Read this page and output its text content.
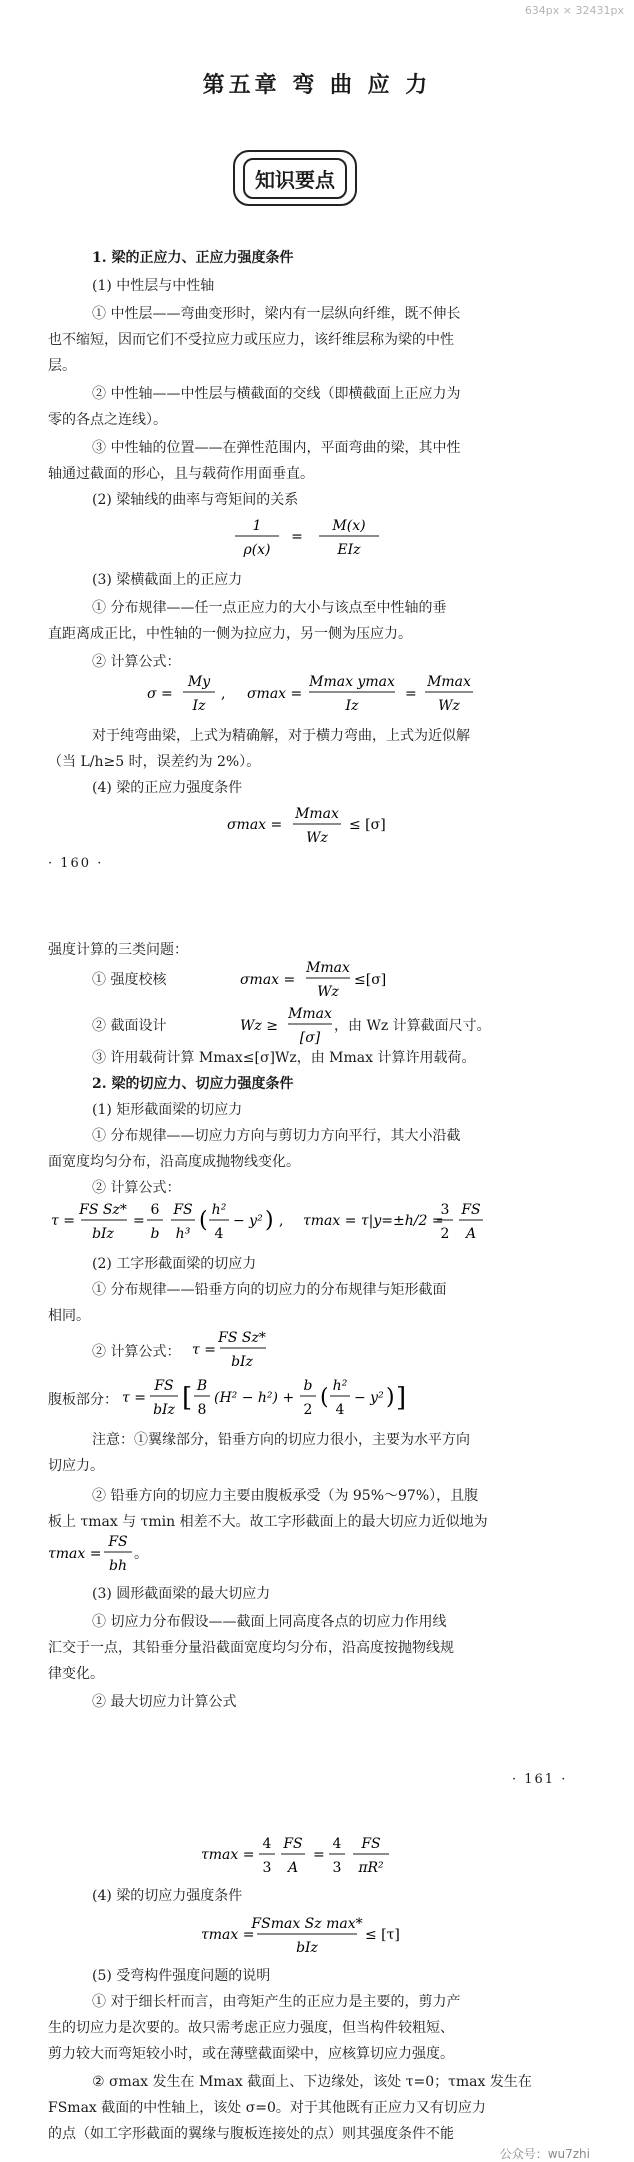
634px × 32431px
第五章 弯 曲 应 力
知识要点
1. 梁的正应力、正应力强度条件
(1) 中性层与中性轴
① 中性层——弯曲变形时，梁内有一层纵向纤维，既不伸长
也不缩短，因而它们不受拉应力或压应力，该纤维层称为梁的中性
层。
② 中性轴——中性层与横截面的交线（即横截面上正应力为
零的各点之连线）。
③ 中性轴的位置——在弹性范围内，平面弯曲的梁，其中性
轴通过截面的形心，且与载荷作用面垂直。
(2) 梁轴线的曲率与弯矩间的关系
1
ρ(x)
=
M(x)
EIz
(3) 梁横截面上的正应力
① 分布规律——任一点正应力的大小与该点至中性轴的垂
直距离成正比，中性轴的一侧为拉应力，另一侧为压应力。
② 计算公式：
σ =
My
Iz
, σmax =
Mmax ymax
Iz
=
Mmax
Wz
对于纯弯曲梁，上式为精确解，对于横力弯曲，上式为近似解
（当 L/h≥5 时，误差约为 2%）。
(4) 梁的正应力强度条件
σmax =
Mmax
Wz
≤ [σ]
· 160 ·
强度计算的三类问题：
① 强度校核	σmax =
Mmax
Wz
≤[σ]
② 截面设计	Wz ≥
Mmax
[σ]
，由 Wz 计算截面尺寸。
③ 许用载荷计算 Mmax≤[σ]Wz，由 Mmax 计算许用载荷。
2. 梁的切应力、切应力强度条件
(1) 矩形截面梁的切应力
① 分布规律——切应力方向与剪切力方向平行，其大小沿截
面宽度均匀分布，沿高度成抛物线变化。
② 计算公式：
τ =
FS Sz*
bIz
=
6
b
FS
h³
( h²
4
− y² ) , τmax = τ|y=±h/2 =
3
2
FS
A
(2) 工字形截面梁的切应力
① 分布规律——铅垂方向的切应力的分布规律与矩形截面
相同。
② 计算公式： τ =
FS Sz*
bIz
腹板部分： τ =
FS
bIz [ B
8
(H² − h²) +
b
2 ( h²
4
− y² ) ]
注意：①翼缘部分，铅垂方向的切应力很小，主要为水平方向
切应力。
② 铅垂方向的切应力主要由腹板承受（为 95%～97%），且腹
板上 τmax 与 τmin 相差不大。故工字形截面上的最大切应力近似地为
τmax =
FS
bh
。
(3) 圆形截面梁的最大切应力
① 切应力分布假设——截面上同高度各点的切应力作用线
汇交于一点，其铅垂分量沿截面宽度均匀分布，沿高度按抛物线规
律变化。
② 最大切应力计算公式
· 161 ·
τmax =
4
3
FS
A
=
4
3
FS
πR²
(4) 梁的切应力强度条件
τmax =
FSmax Sz max*
bIz
≤ [τ]
(5) 受弯构件强度问题的说明
① 对于细长杆而言，由弯矩产生的正应力是主要的，剪力产
生的切应力是次要的。故只需考虑正应力强度，但当构件较粗短、
剪力较大而弯矩较小时，或在薄壁截面梁中，应核算切应力强度。
② σmax 发生在 Mmax 截面上、下边缘处，该处 τ=0；τmax 发生在
FSmax 截面的中性轴上，该处 σ=0。对于其他既有正应力又有切应力
的点（如工字形截面的翼缘与腹板连接处的点）则其强度条件不能
公众号：wu7zhi
